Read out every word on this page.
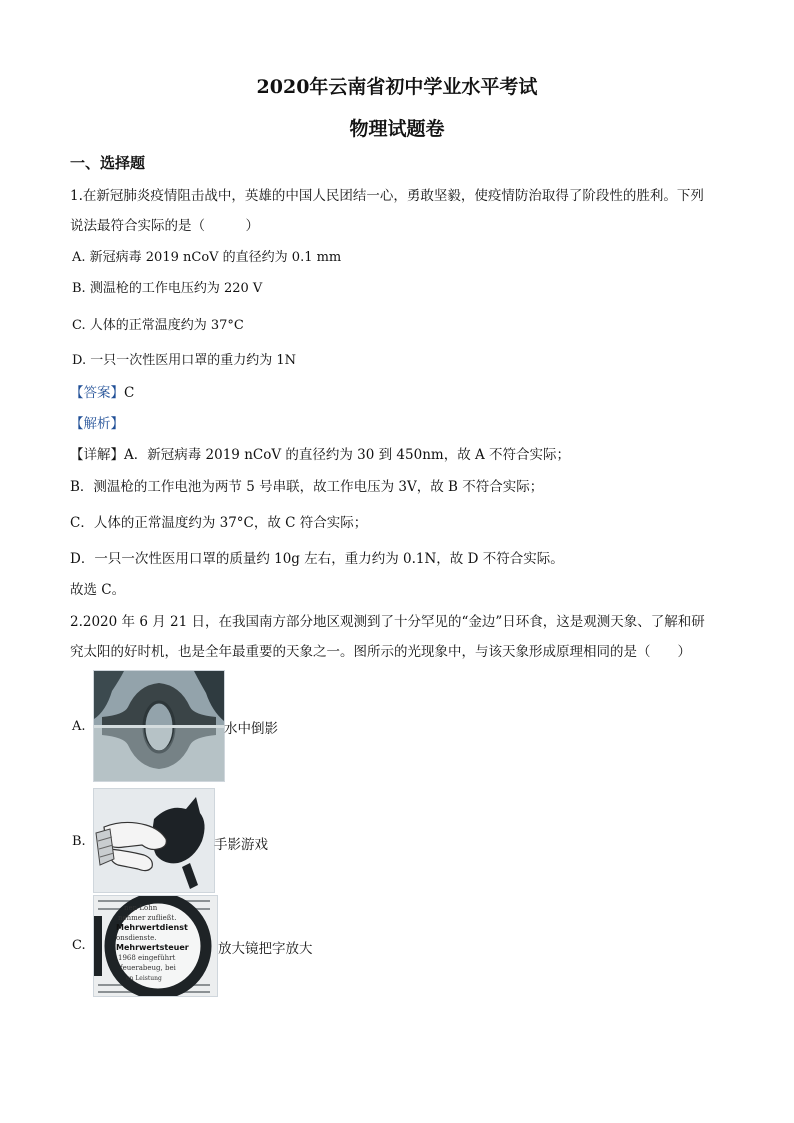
2020年云南省初中学业水平考试
物理试题卷
一、选择题
1.在新冠肺炎疫情阻击战中，英雄的中国人民团结一心，勇敢坚毅，使疫情防治取得了阶段性的胜利。下列
说法最符合实际的是（　　　）
A. 新冠病毒 2019 nCoV 的直径约为 0.1 mm
B. 测温枪的工作电压约为 220 V
C. 人体的正常温度约为 37°C
D. 一只一次性医用口罩的重力约为 1N
【答案】C
【解析】
【详解】A．新冠病毒 2019 nCoV 的直径约为 30 到 450nm，故 A 不符合实际；
B．测温枪的工作电池为两节 5 号串联，故工作电压为 3V，故 B 不符合实际；
C．人体的正常温度约为 37°C，故 C 符合实际；
D．一只一次性医用口罩的质量约 10g 左右，重力约为 0.1N，故 D 不符合实际。
故选 C。
2.2020 年 6 月 21 日，在我国南方部分地区观测到了十分罕见的“金边”日环食，这是观测天象、了解和研
究太阳的好时机，也是全年最重要的天象之一。图所示的光现象中，与该天象形成原理相同的是（　　）
A.	水中倒影
B.	手影游戏
C.
nen Lohn
nehmer zufließt.
Mehrwertdienst
onsdienste.
Mehrwertsteuer
1968 eingeführt
feuerabeug, bei
en Leistung
放大镜把字放大
